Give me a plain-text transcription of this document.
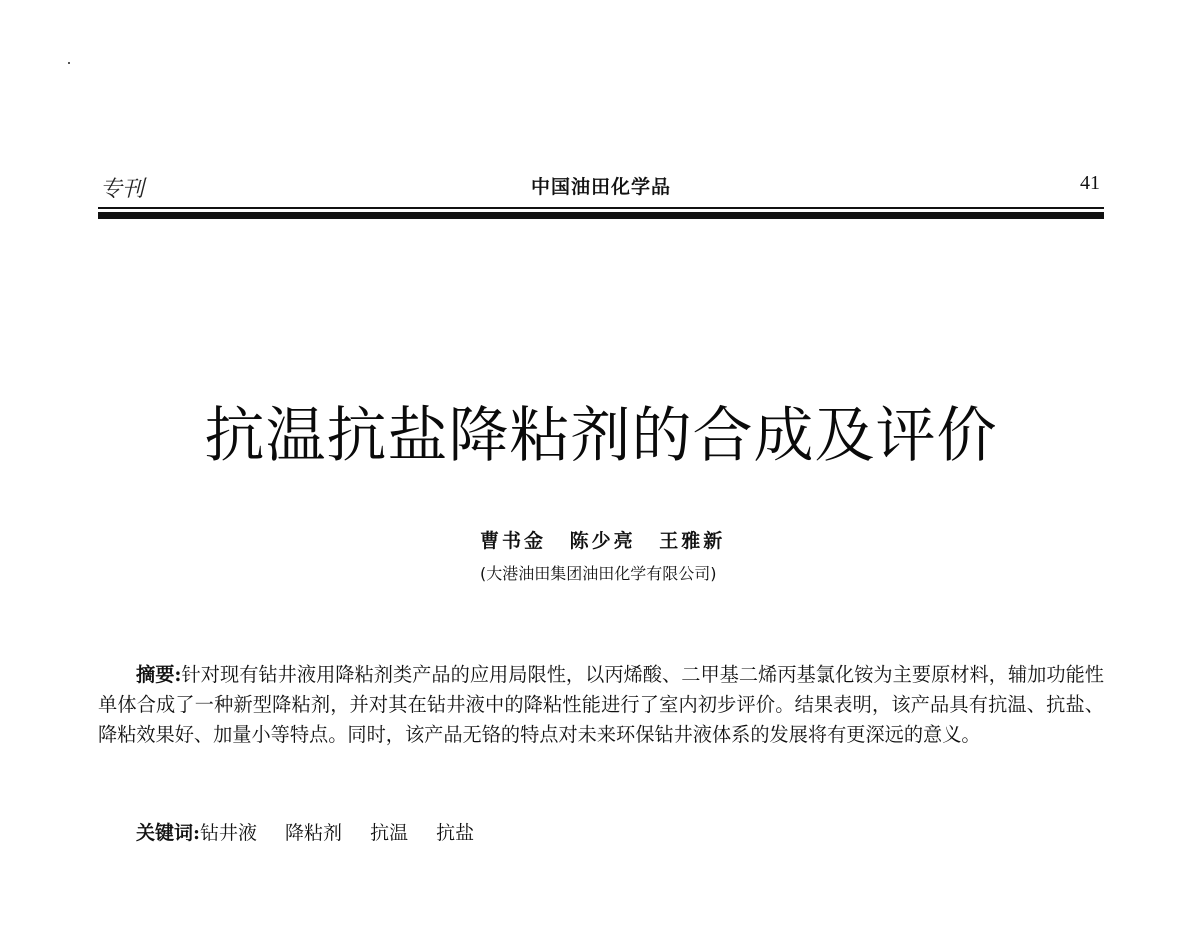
专刊	中国油田化学品	41
抗温抗盐降粘剂的合成及评价
曹书金 陈少亮 王雅新
(大港油田集团油田化学有限公司)
摘要:针对现有钻井液用降粘剂类产品的应用局限性，以丙烯酸、二甲基二烯丙基氯化铵为主要原材料，辅加功能性单体合成了一种新型降粘剂，并对其在钻井液中的降粘性能进行了室内初步评价。结果表明，该产品具有抗温、抗盐、降粘效果好、加量小等特点。同时，该产品无铬的特点对未来环保钻井液体系的发展将有更深远的意义。
关键词:钻井液 降粘剂 抗温 抗盐
